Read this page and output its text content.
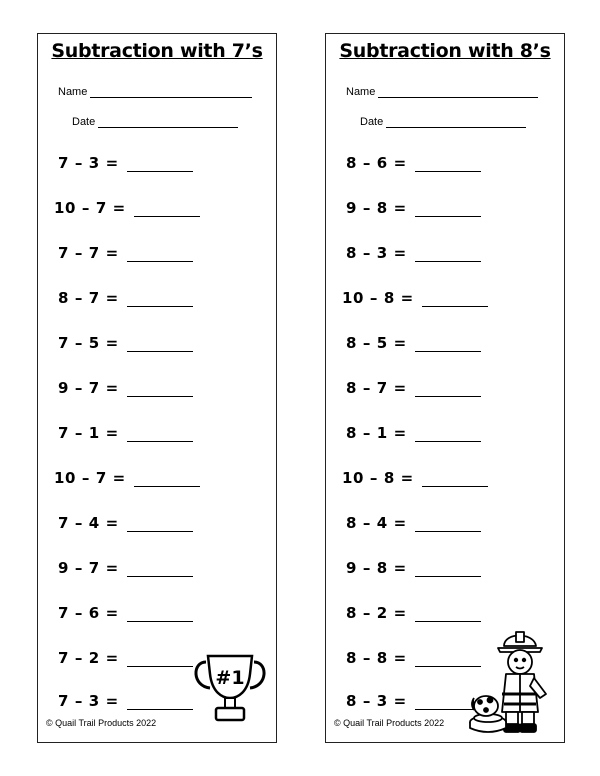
Subtraction with 7’s
Name
Date
7 – 3 =
10 – 7 =
7 – 7 =
8 – 7 =
7 – 5 =
9 – 7 =
7 – 1 =
10 – 7 =
7 – 4 =
9 – 7 =
7 – 6 =
7 – 2 =
7 – 3 =
#1
© Quail Trail Products 2022
Subtraction with 8’s
Name
Date
8 – 6 =
9 – 8 =
8 – 3 =
10 – 8 =
8 – 5 =
8 – 7 =
8 – 1 =
10 – 8 =
8 – 4 =
9 – 8 =
8 – 2 =
8 – 8 =
8 – 3 =
© Quail Trail Products 2022
